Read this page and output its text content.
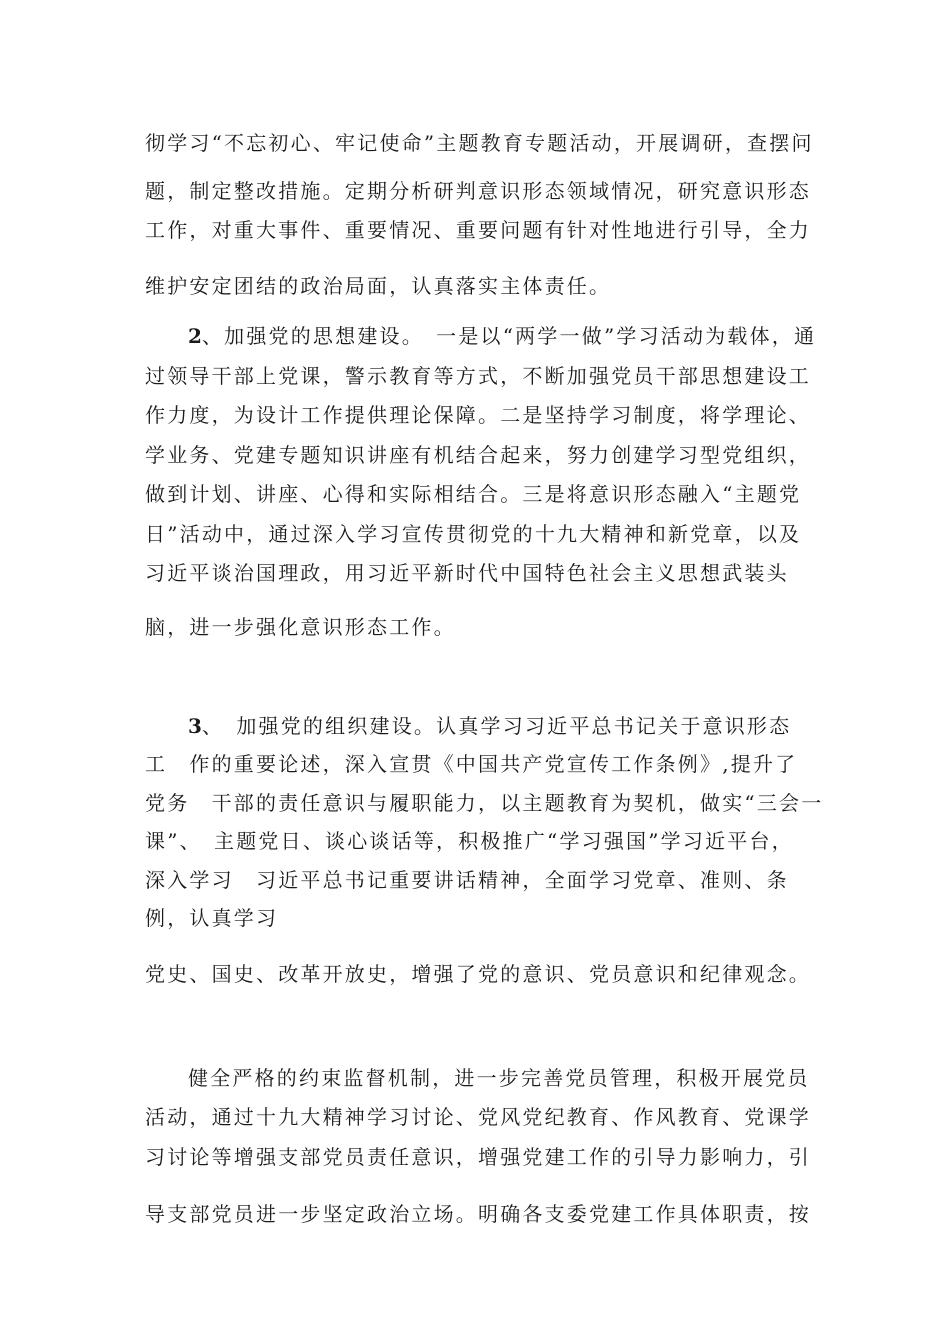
彻学习“不忘初心、牢记使命”主题教育专题活动，开展调研，查摆问
题，制定整改措施。定期分析研判意识形态领域情况，研究意识形态
工作，对重大事件、重要情况、重要问题有针对性地进行引导，全力
维护安定团结的政治局面，认真落实主体责任。
2、加强党的思想建设。　一是以“两学一做”学习活动为载体，通
过领导干部上党课，警示教育等方式，不断加强党员干部思想建设工
作力度，为设计工作提供理论保障。二是坚持学习制度，将学理论、
学业务、党建专题知识讲座有机结合起来，努力创建学习型党组织，
做到计划、讲座、心得和实际相结合。三是将意识形态融入“主题党
日”活动中，通过深入学习宣传贯彻党的十九大精神和新党章，以及
习近平谈治国理政，用习近平新时代中国特色社会主义思想武装头
脑，进一步强化意识形态工作。
3、　加强党的组织建设。认真学习习近平总书记关于意识形态
工　作的重要论述，深入宣贯《中国共产党宣传工作条例》,提升了
党务　干部的责任意识与履职能力，以主题教育为契机，做实“三会一
课”、　主题党日、谈心谈话等，积极推广“学习强国”学习近平台，
深入学习　习近平总书记重要讲话精神，全面学习党章、准则、条
例，认真学习
党史、国史、改革开放史，增强了党的意识、党员意识和纪律观念。
健全严格的约束监督机制，进一步完善党员管理，积极开展党员
活动，通过十九大精神学习讨论、党风党纪教育、作风教育、党课学
习讨论等增强支部党员责任意识，增强党建工作的引导力影响力，引
导支部党员进一步坚定政治立场。明确各支委党建工作具体职责，按
